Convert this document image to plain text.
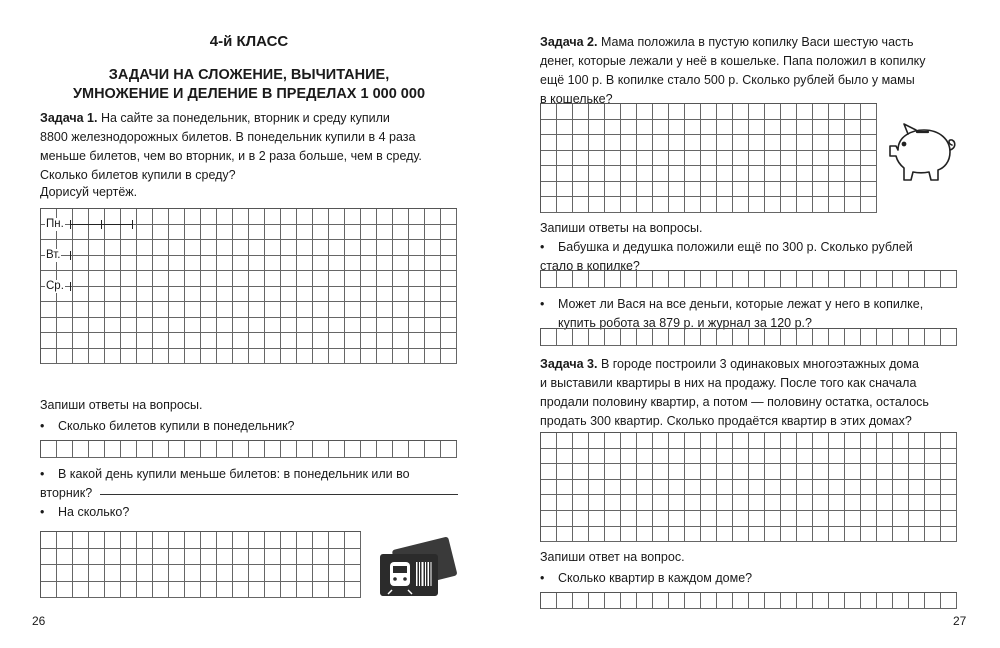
4-й КЛАСС
ЗАДАЧИ НА СЛОЖЕНИЕ, ВЫЧИТАНИЕ,
УМНОЖЕНИЕ И ДЕЛЕНИЕ В ПРЕДЕЛАХ 1 000 000
Задача 1. На сайте за понедельник, вторник и среду купили
8800 железнодорожных билетов. В понедельник купили в 4 раза
меньше билетов, чем во вторник, и в 2 раза больше, чем в среду.
Сколько билетов купили в среду?
Дорисуй чертёж.
Пн.
Вт.
Ср.
Запиши ответы на вопросы.
• Сколько билетов купили в понедельник?
• В какой день купили меньше билетов: в понедельник или во
вторник?
• На сколько?
26
Задача 2. Мама положила в пустую копилку Васи шестую часть
денег, которые лежали у неё в кошельке. Папа положил в копилку
ещё 100 р. В копилке стало 500 р. Сколько рублей было у мамы
в кошельке?
Запиши ответы на вопросы.
• Бабушка и дедушка положили ещё по 300 р. Сколько рублей
стало в копилке?
• Может ли Вася на все деньги, которые лежат у него в копилке,
купить робота за 879 р. и журнал за 120 р.?
Задача 3. В городе построили 3 одинаковых многоэтажных дома
и выставили квартиры в них на продажу. После того как сначала
продали половину квартир, а потом — половину остатка, осталось
продать 300 квартир. Сколько продаётся квартир в этих домах?
Запиши ответ на вопрос.
• Сколько квартир в каждом доме?
27
